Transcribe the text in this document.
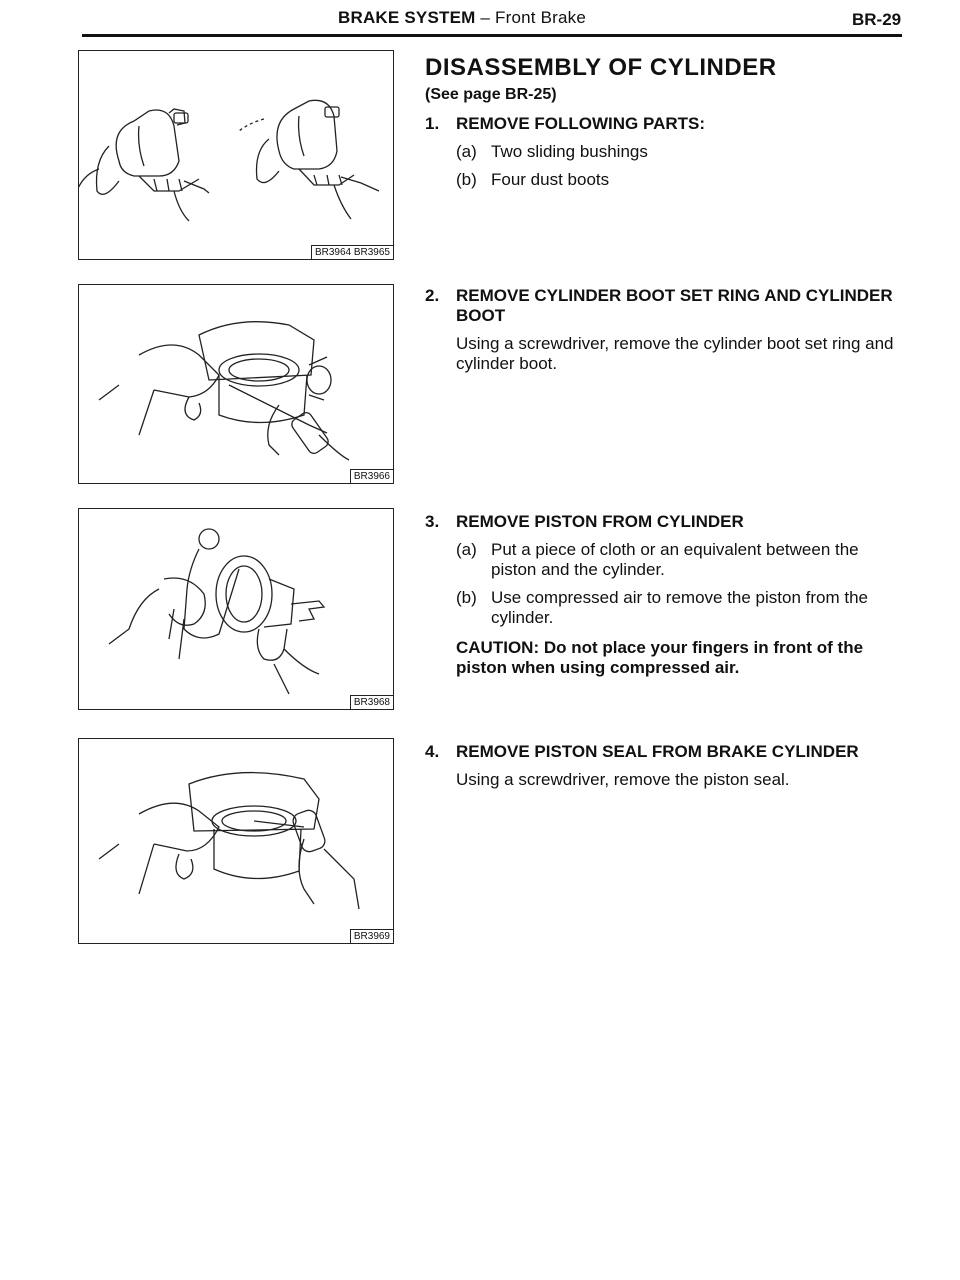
BRAKE SYSTEM – Front Brake	BR-29
BR3964 BR3965
BR3966
BR3968
BR3969
DISASSEMBLY OF CYLINDER
(See page BR-25)
1. REMOVE FOLLOWING PARTS:
(a) Two sliding bushings
(b) Four dust boots
2. REMOVE CYLINDER BOOT SET RING AND CYLINDER BOOT
Using a screwdriver, remove the cylinder boot set ring and cylinder boot.
3. REMOVE PISTON FROM CYLINDER
(a) Put a piece of cloth or an equivalent between the piston and the cylinder.
(b) Use compressed air to remove the piston from the cylinder.
CAUTION: Do not place your fingers in front of the piston when using compressed air.
4. REMOVE PISTON SEAL FROM BRAKE CYLINDER
Using a screwdriver, remove the piston seal.
